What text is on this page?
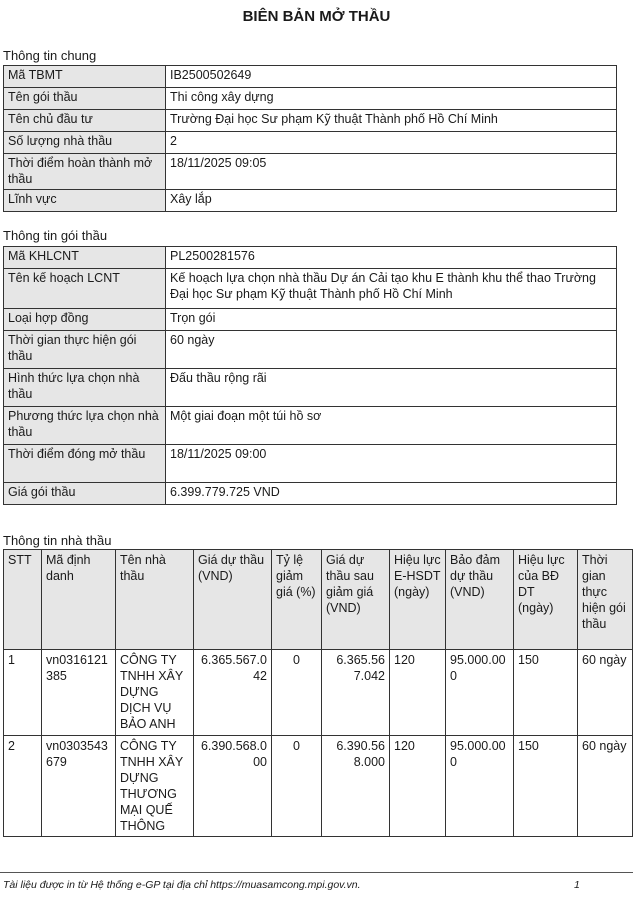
BIÊN BẢN MỞ THẦU
Thông tin chung
Mã TBMT	IB2500502649
Tên gói thầu	Thi công xây dựng
Tên chủ đầu tư	Trường Đại học Sư phạm Kỹ thuật Thành phố Hồ Chí Minh
Số lượng nhà thầu	2
Thời điểm hoàn thành mở thầu	18/11/2025 09:05
Lĩnh vực	Xây lắp
Thông tin gói thầu
Mã KHLCNT	PL2500281576
Tên kế hoạch LCNT	Kế hoạch lựa chọn nhà thầu Dự án Cải tạo khu E thành khu thể thao Trường Đại học Sư phạm Kỹ thuật Thành phố Hồ Chí Minh
Loại hợp đồng	Trọn gói
Thời gian thực hiện gói thầu	60 ngày
Hình thức lựa chọn nhà thầu	Đấu thầu rộng rãi
Phương thức lựa chọn nhà thầu	Một giai đoạn một túi hồ sơ
Thời điểm đóng mở thầu	18/11/2025 09:00
Giá gói thầu	6.399.779.725 VND
Thông tin nhà thầu
STT	Mã định danh	Tên nhà thầu	Giá dự thầu (VND)	Tỷ lệ giảm giá (%)	Giá dự thầu sau giảm giá (VND)	Hiệu lực E-HSDT (ngày)	Bảo đảm dự thầu (VND)	Hiệu lực của BĐ DT (ngày)	Thời gian thực hiện gói thầu
1	vn0316121385	CÔNG TY TNHH XÂY DỰNG DỊCH VỤ BẢO ANH	6.365.567.042	0	6.365.567.042	120	95.000.000	150	60 ngày
2	vn0303543679	CÔNG TY TNHH XÂY DỰNG THƯƠNG MẠI QUẾ THÔNG	6.390.568.000	0	6.390.568.000	120	95.000.000	150	60 ngày
Tài liệu được in từ Hệ thống e-GP tại địa chỉ https://muasamcong.mpi.gov.vn.	1
